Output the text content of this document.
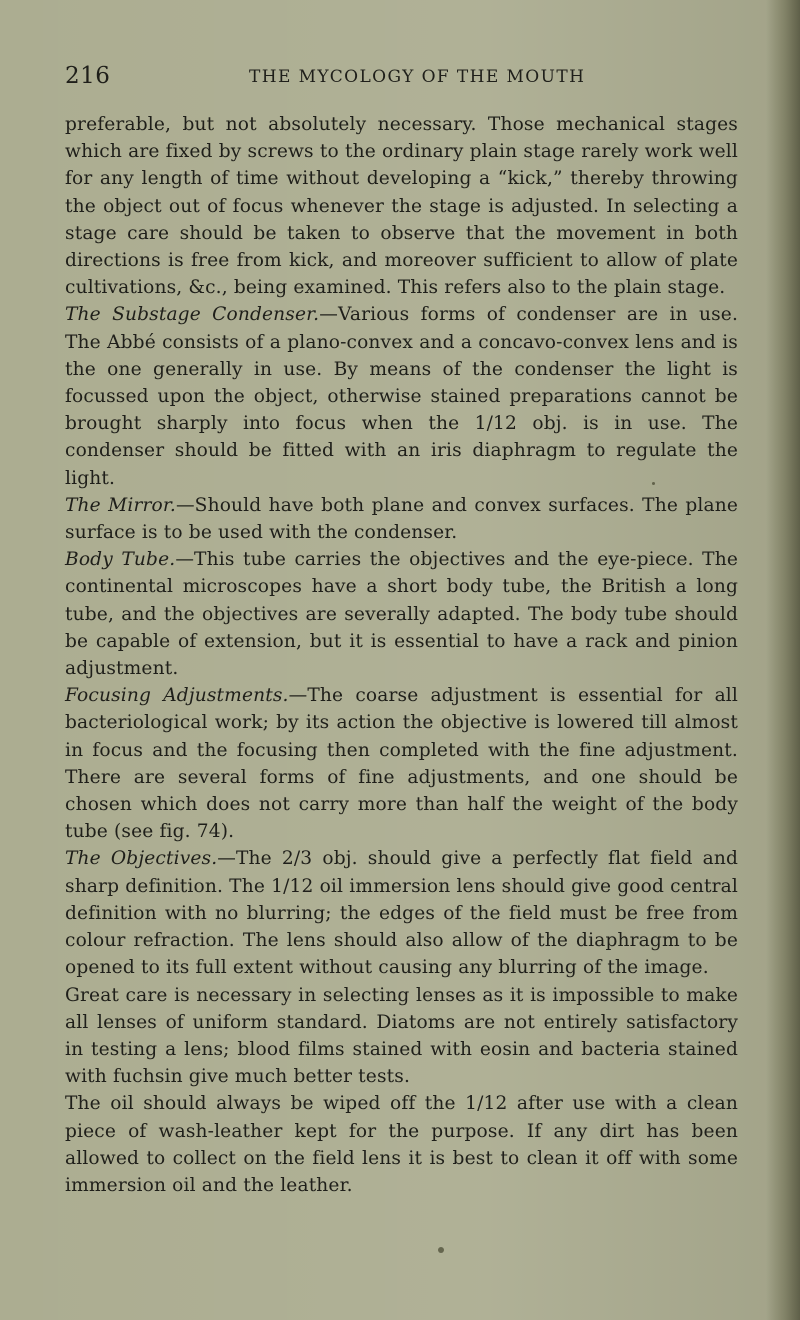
216	THE MYCOLOGY OF THE MOUTH

preferable, but not absolutely necessary. Those mechanical stages which are fixed by screws to the ordinary plain stage rarely work well for any length of time without developing a “kick,” thereby throwing the object out of focus whenever the stage is adjusted. In selecting a stage care should be taken to observe that the movement in both directions is free from kick, and moreover sufficient to allow of plate cultivations, &c., being examined. This refers also to the plain stage.

The Substage Condenser.—Various forms of condenser are in use. The Abbé consists of a plano-convex and a concavo-convex lens and is the one generally in use. By means of the condenser the light is focussed upon the object, otherwise stained preparations cannot be brought sharply into focus when the 1/12 obj. is in use. The condenser should be fitted with an iris diaphragm to regulate the light.

The Mirror.—Should have both plane and convex surfaces. The plane surface is to be used with the condenser.

Body Tube.—This tube carries the objectives and the eye-piece. The continental microscopes have a short body tube, the British a long tube, and the objectives are severally adapted. The body tube should be capable of extension, but it is essential to have a rack and pinion adjustment.

Focusing Adjustments.—The coarse adjustment is essential for all bacteriological work; by its action the objective is lowered till almost in focus and the focusing then completed with the fine adjustment. There are several forms of fine adjustments, and one should be chosen which does not carry more than half the weight of the body tube (see fig. 74).

The Objectives.—The 2/3 obj. should give a perfectly flat field and sharp definition. The 1/12 oil immersion lens should give good central definition with no blurring; the edges of the field must be free from colour refraction. The lens should also allow of the diaphragm to be opened to its full extent without causing any blurring of the image.

Great care is necessary in selecting lenses as it is impossible to make all lenses of uniform standard. Diatoms are not entirely satisfactory in testing a lens; blood films stained with eosin and bacteria stained with fuchsin give much better tests.

The oil should always be wiped off the 1/12 after use with a clean piece of wash-leather kept for the purpose. If any dirt has been allowed to collect on the field lens it is best to clean it off with some immersion oil and the leather.
